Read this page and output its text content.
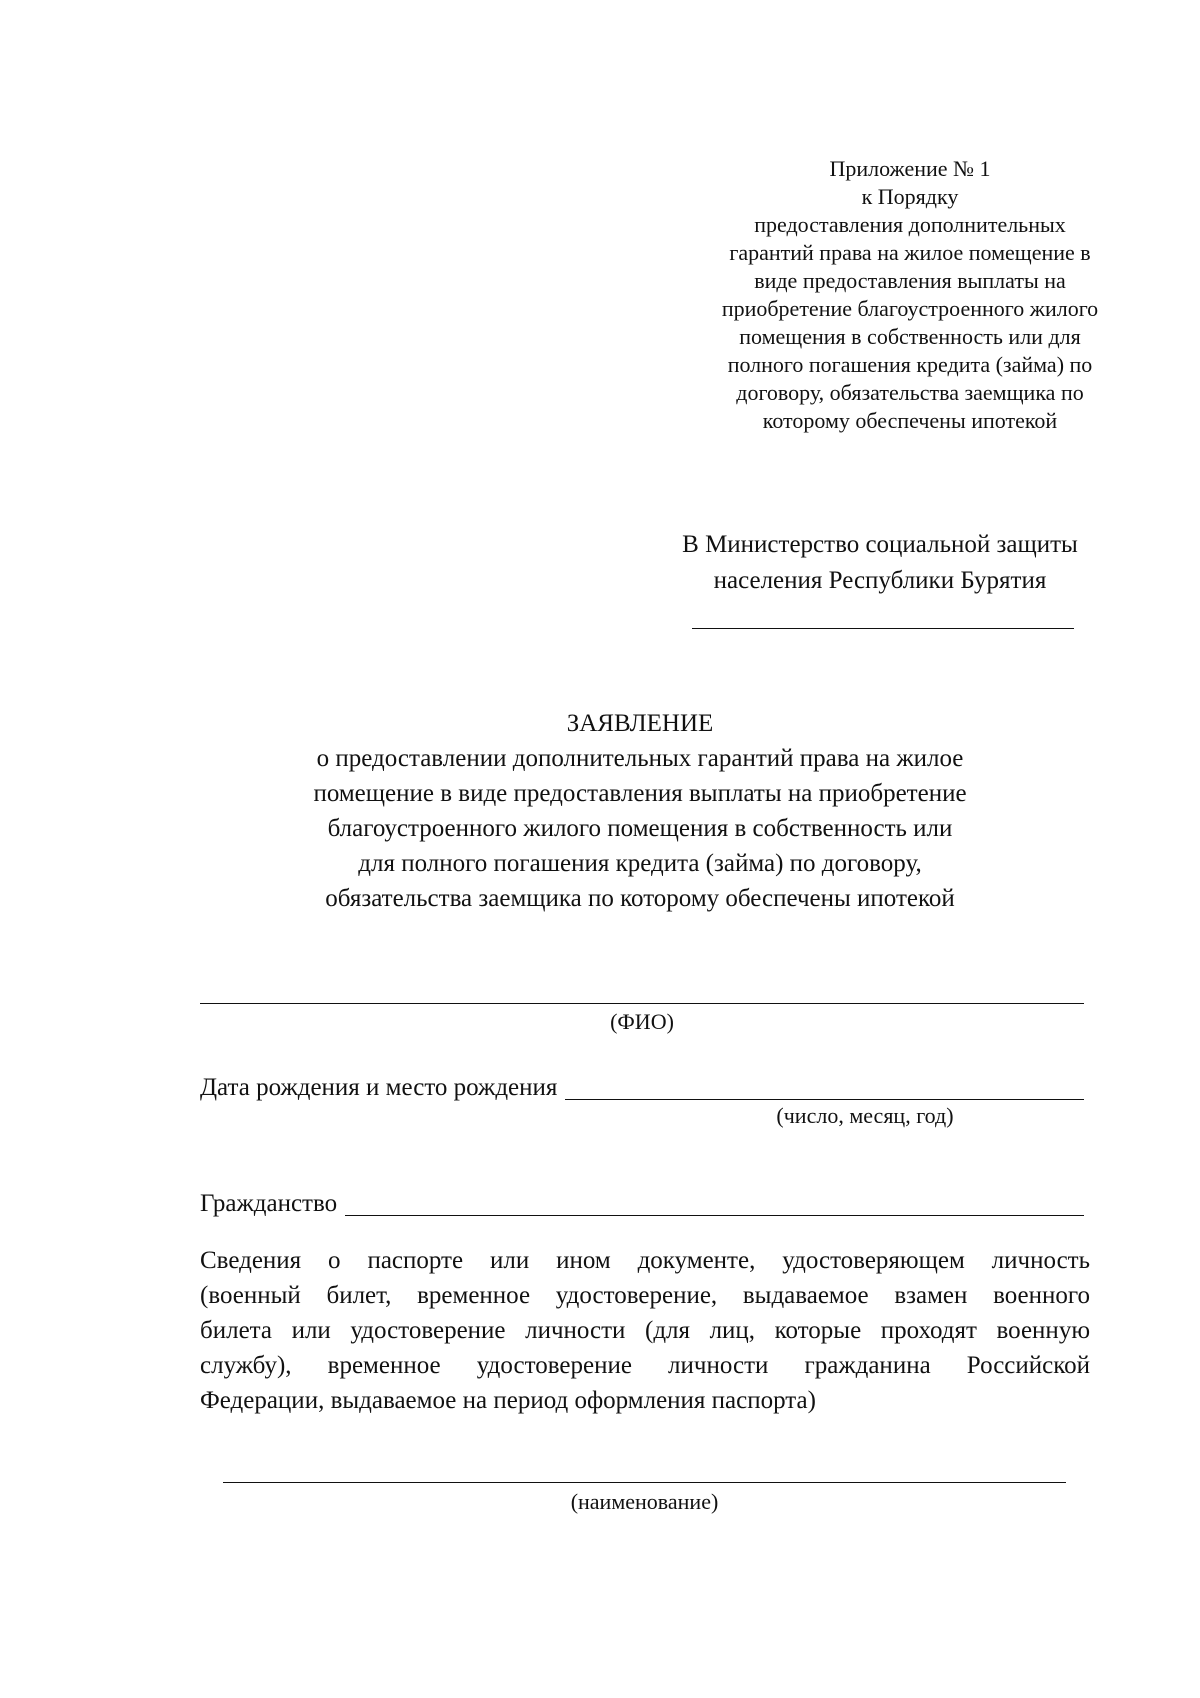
Приложение № 1
к Порядку
предоставления дополнительных
гарантий права на жилое помещение в
виде предоставления выплаты на
приобретение благоустроенного жилого
помещения в собственность или для
полного погашения кредита (займа) по
договору, обязательства заемщика по
которому обеспечены ипотекой
В Министерство социальной защиты
населения Республики Бурятия
ЗАЯВЛЕНИЕ
о предоставлении дополнительных гарантий права на жилое
помещение в виде предоставления выплаты на приобретение
благоустроенного жилого помещения в собственность или
для полного погашения кредита (займа) по договору,
обязательства заемщика по которому обеспечены ипотекой
(ФИО)
Дата рождения и место рождения
(число, месяц, год)
Гражданство
Сведения о паспорте или ином документе, удостоверяющем личность
(военный билет, временное удостоверение, выдаваемое взамен военного
билета или удостоверение личности (для лиц, которые проходят военную
службу), временное удостоверение личности гражданина Российской
Федерации, выдаваемое на период оформления паспорта)
(наименование)
